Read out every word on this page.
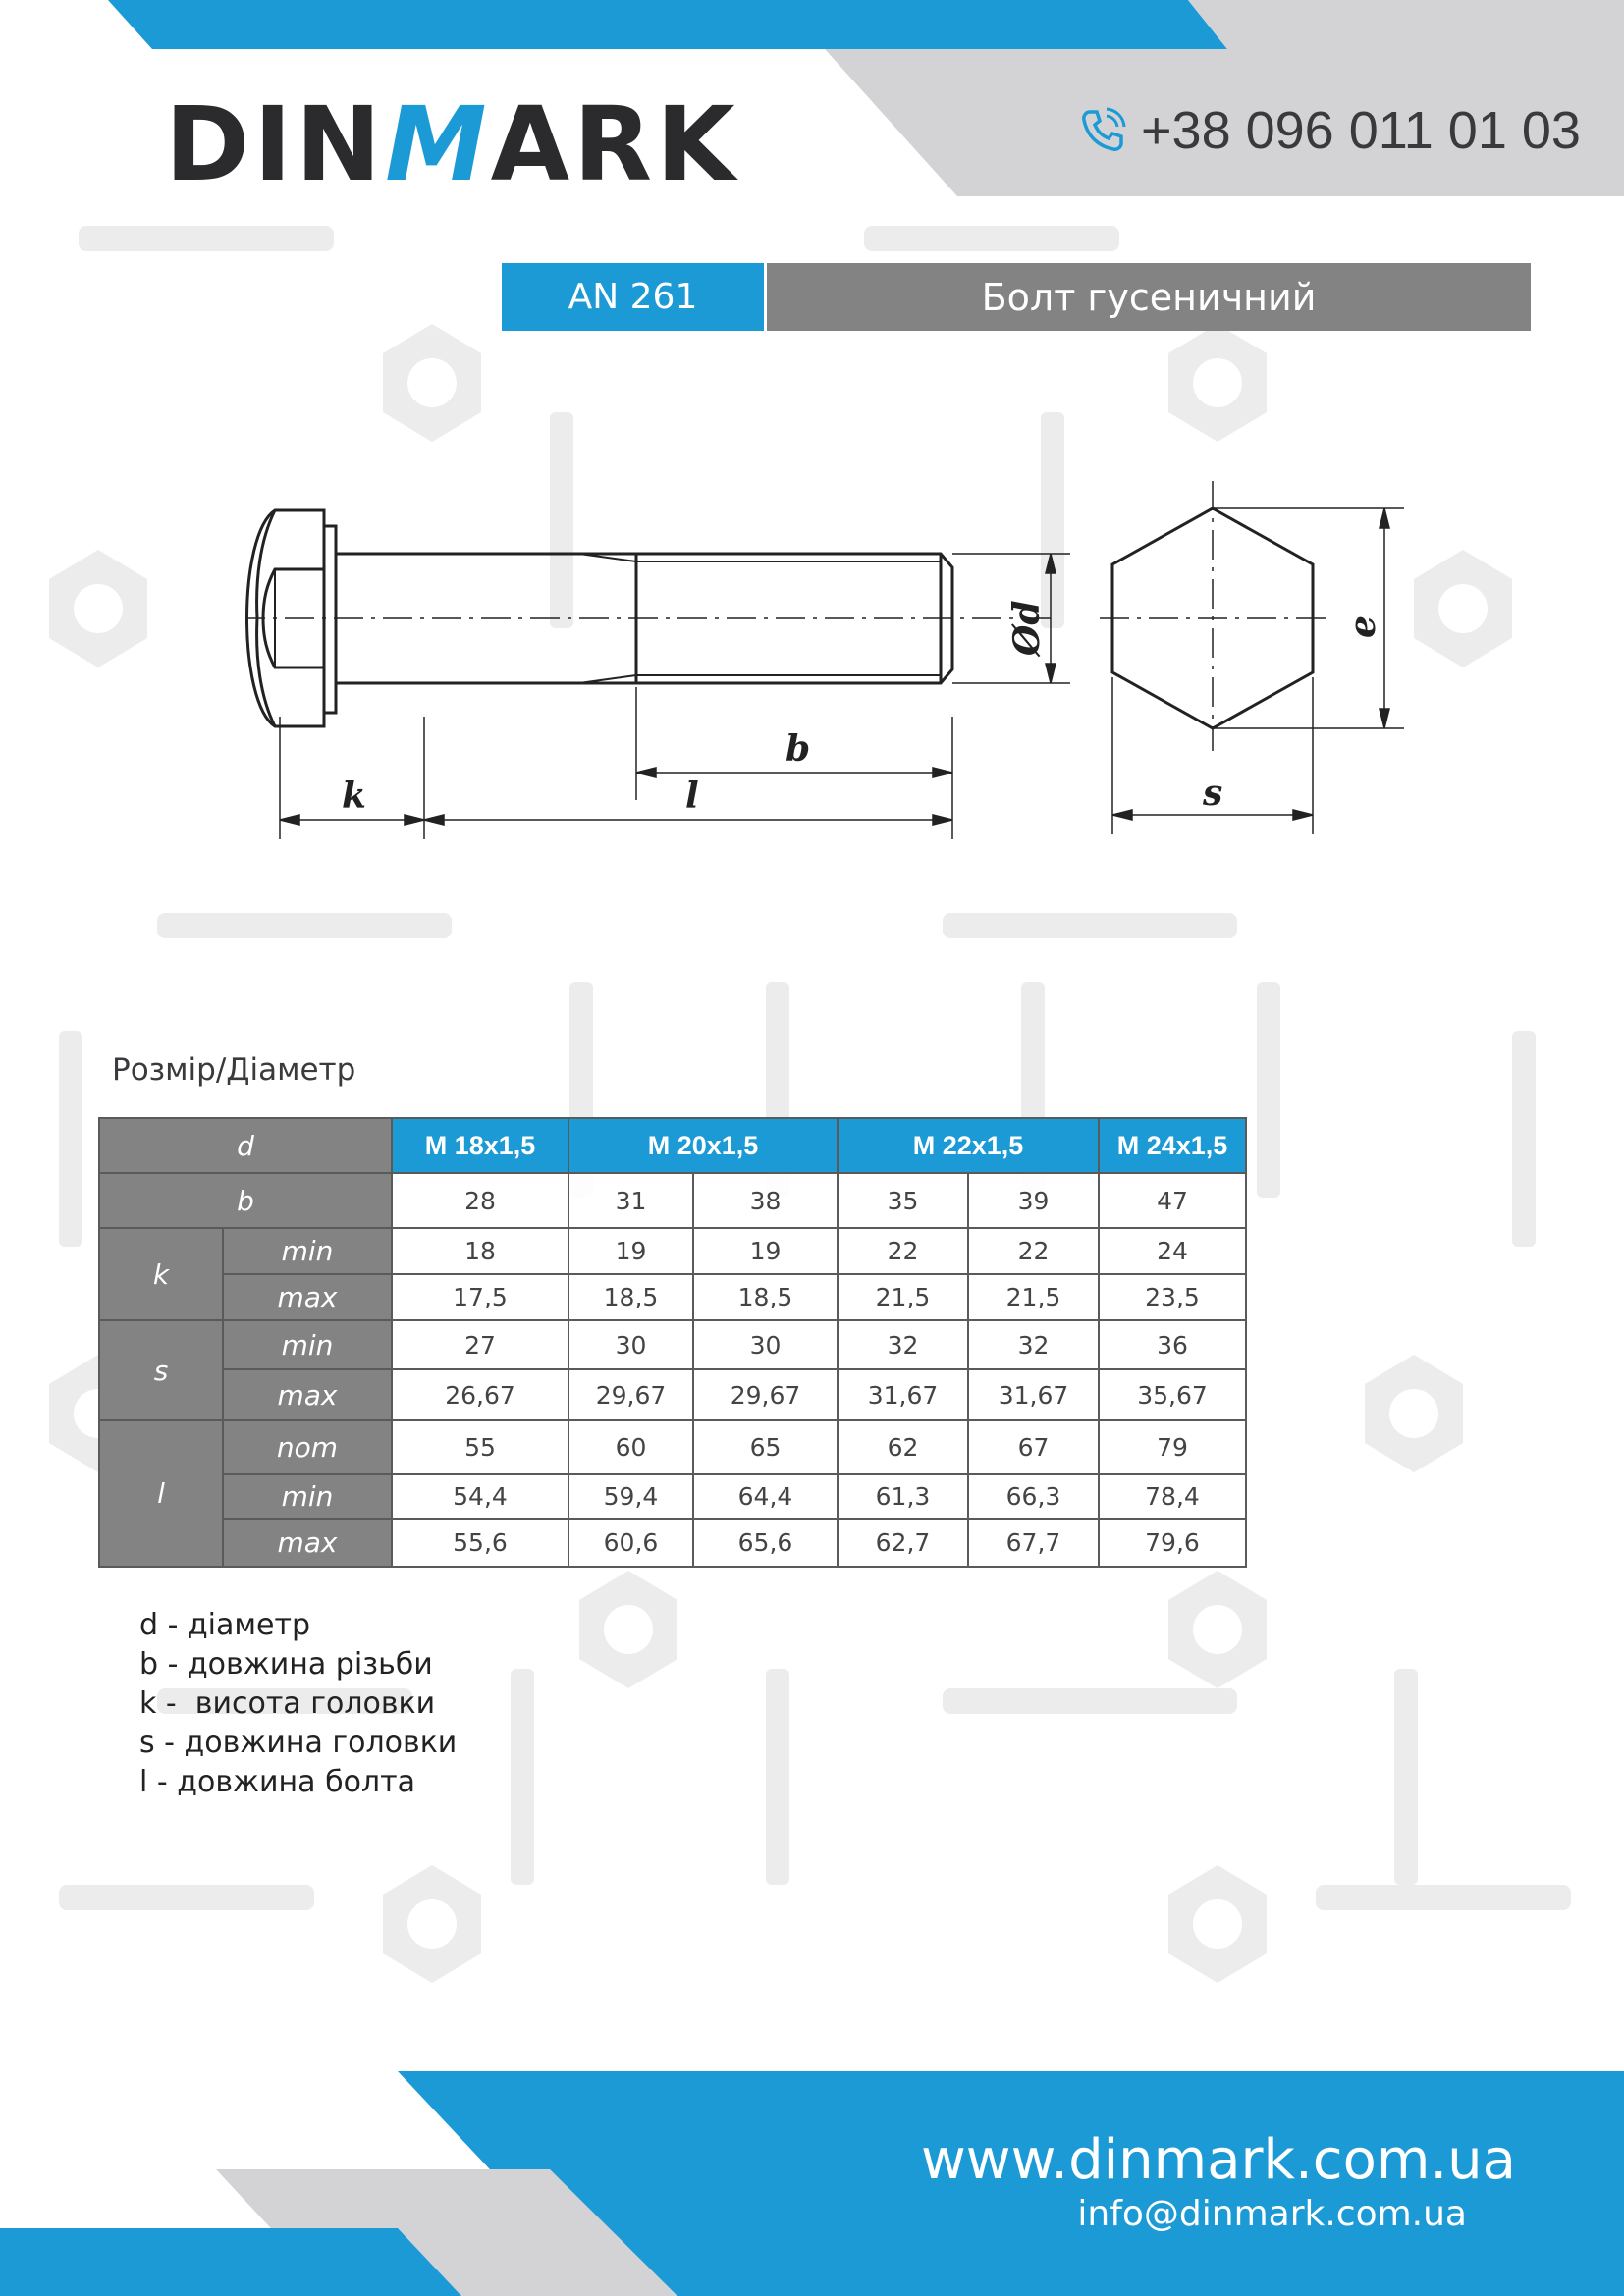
DINMARK	+38 096 011 01 03
AN 261	Болт гусеничний
k	l
b
Ød
s
e
Розмір/Діаметр
d		M 18x1,5	M 20x1,5		M 22x1,5		M 24x1,5
b		28	31	38	35	39	47
k	min	18	19	19	22	22	24
	max	17,5	18,5	18,5	21,5	21,5	23,5
s	min	27	30	30	32	32	36
	max	26,67	29,67	29,67	31,67	31,67	35,67
l	nom	55	60	65	62	67	79
	min	54,4	59,4	64,4	61,3	66,3	78,4
	max	55,6	60,6	65,6	62,7	67,7	79,6
d - діаметр
b - довжина різьби
k -  висота головки
s - довжина головки
l - довжина болта
www.dinmark.com.ua
info@dinmark.com.ua
